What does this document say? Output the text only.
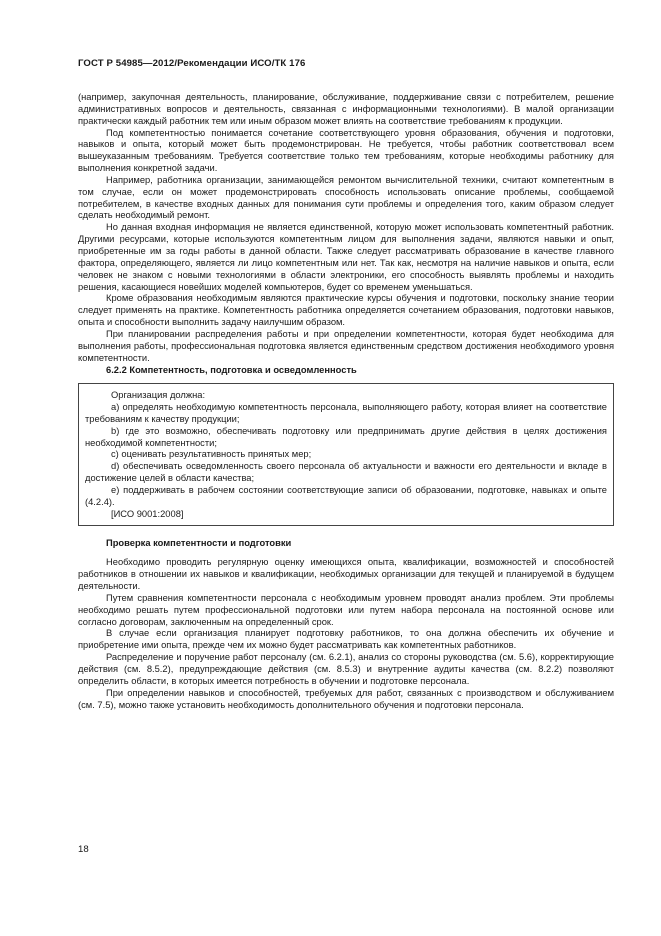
ГОСТ Р 54985—2012/Рекомендации ИСО/ТК 176

(например, закупочная деятельность, планирование, обслуживание, поддерживание связи с потребителем, решение административных вопросов и деятельность, связанная с информационными технологиями). В малой организации практически каждый работник тем или иным образом может влиять на соответствие требованиям к продукции.

Под компетентностью понимается сочетание соответствующего уровня образования, обучения и подготовки, навыков и опыта, который может быть продемонстрирован. Не требуется, чтобы работник соответствовал всем вышеуказанным требованиям. Требуется соответствие только тем требованиям, которые необходимы работнику для выполнения конкретной задачи.

Например, работника организации, занимающейся ремонтом вычислительной техники, считают компетентным в том случае, если он может продемонстрировать способность использовать описание проблемы, сообщаемой потребителем, в качестве входных данных для понимания сути проблемы и определения того, каким образом следует сделать необходимый ремонт.

Но данная входная информация не является единственной, которую может использовать компетентный работник. Другими ресурсами, которые используются компетентным лицом для выполнения задачи, являются навыки и опыт, приобретенные им за годы работы в данной области. Также следует рассматривать образование в качестве главного фактора, определяющего, является ли лицо компетентным или нет. Так как, несмотря на наличие навыков и опыта, если человек не знаком с новыми технологиями в области электроники, его способность выявлять проблемы и находить решения, касающиеся новейших моделей компьютеров, будет со временем уменьшаться.

Кроме образования необходимым являются практические курсы обучения и подготовки, поскольку знание теории следует применять на практике. Компетентность работника определяется сочетанием образования, подготовки навыков, опыта и способности выполнить задачу наилучшим образом.

При планировании распределения работы и при определении компетентности, которая будет необходима для выполнения работы, профессиональная подготовка является единственным средством достижения необходимого уровня компетентности.

6.2.2 Компетентность, подготовка и осведомленность

Организация должна:

а) определять необходимую компетентность персонала, выполняющего работу, которая влияет на соответствие требованиям к качеству продукции;

b) где это возможно, обеспечивать подготовку или предпринимать другие действия в целях достижения необходимой компетентности;

c) оценивать результативность принятых мер;

d) обеспечивать осведомленность своего персонала об актуальности и важности его деятельности и вкладе в достижение целей в области качества;

e) поддерживать в рабочем состоянии соответствующие записи об образовании, подготовке, навыках и опыте (4.2.4).

[ИСО 9001:2008]

Проверка компетентности и подготовки

Необходимо проводить регулярную оценку имеющихся опыта, квалификации, возможностей и способностей работников в отношении их навыков и квалификации, необходимых организации для текущей и планируемой в будущем деятельности.

Путем сравнения компетентности персонала с необходимым уровнем проводят анализ проблем. Эти проблемы необходимо решать путем профессиональной подготовки или путем набора персонала на постоянной основе или согласно договорам, заключенным на определенный срок.

В случае если организация планирует подготовку работников, то она должна обеспечить их обучение и приобретение ими опыта, прежде чем их можно будет рассматривать как компетентных работников.

Распределение и поручение работ персоналу (см. 6.2.1), анализ со стороны руководства (см. 5.6), корректирующие действия (см. 8.5.2), предупреждающие действия (см. 8.5.3) и внутренние аудиты качества (см. 8.2.2) позволяют определить области, в которых имеется потребность в обучении и подготовке персонала.

При определении навыков и способностей, требуемых для работ, связанных с производством и обслуживанием (см. 7.5), можно также установить необходимость дополнительного обучения и подготовки персонала.

18
